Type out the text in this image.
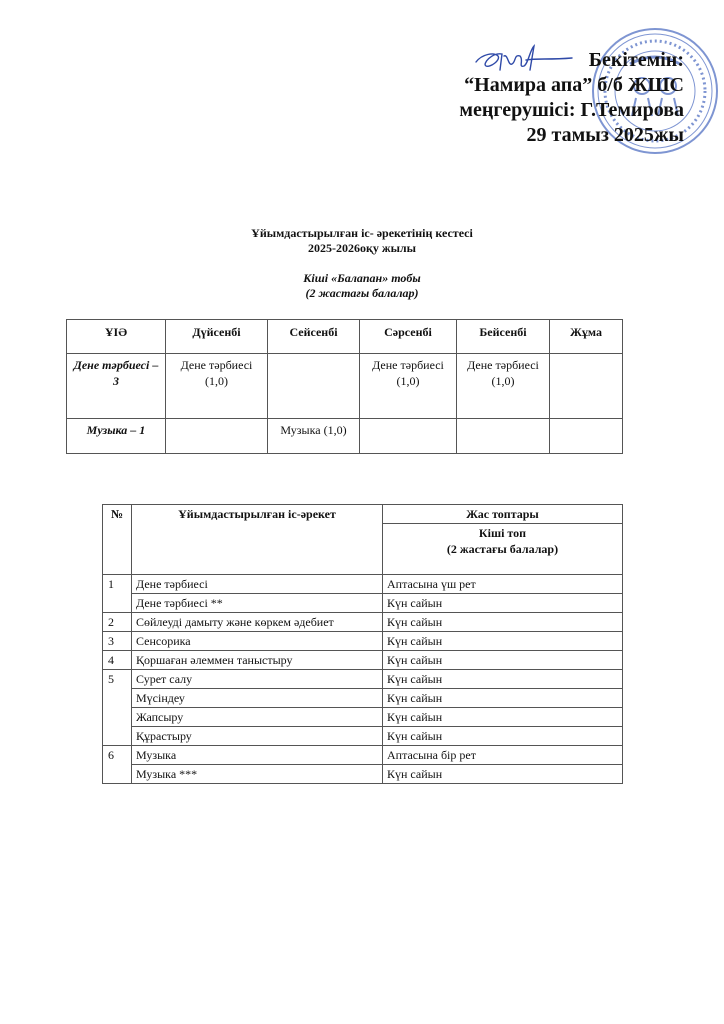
Бекітемін:
“Намира апа” б/б ЖШС
меңгерушісі: Г.Темирова
29 тамыз 2025жы
Ұйымдастырылған іс- әрекетінің кестесі
2025-2026оқу жылы
Кіші «Балапан» тобы
(2 жастағы балалар)
ҰІӘ	Дүйсенбі	Сейсенбі	Сәрсенбі	Бейсенбі	Жұма
Дене тәрбиесі – 3	Дене тәрбиесі (1,0)		Дене тәрбиесі (1,0)	Дене тәрбиесі (1,0)	
Музыка – 1		Музыка (1,0)			
№	Ұйымдастырылған іс-әрекет	Жас топтары

		Кіші топ
(2 жастағы балалар)

1	Дене тәрбиесі	Аптасына үш рет
	Дене тәрбиесі **	Күн сайын
2	Сөйлеуді дамыту және көркем әдебиет	Күн сайын
3	Сенсорика	Күн сайын
4	Қоршаған әлеммен таныстыру	Күн сайын
5	Сурет салу	Күн сайын
	Мүсіндеу	Күн сайын
	Жапсыру	Күн сайын
	Құрастыру	Күн сайын
6	Музыка	Аптасына бір рет
	Музыка ***	Күн сайын
